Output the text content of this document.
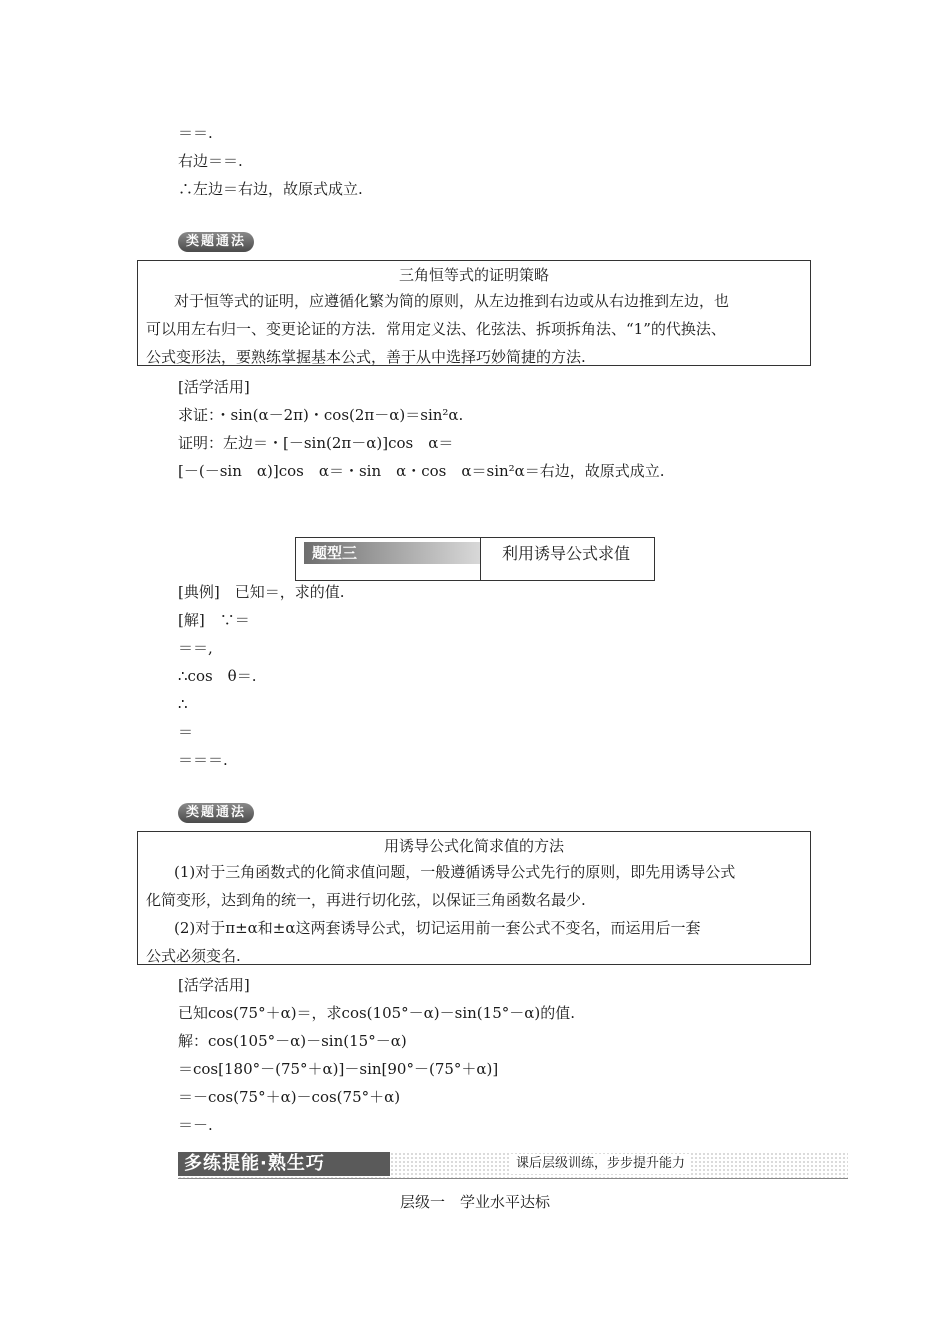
＝＝.
右边＝＝.
∴左边＝右边，故原式成立.
类题通法
三角恒等式的证明策略
对于恒等式的证明，应遵循化繁为简的原则，从左边推到右边或从右边推到左边，也
可以用左右归一、变更论证的方法．常用定义法、化弦法、拆项拆角法、“1”的代换法、
公式变形法，要熟练掌握基本公式，善于从中选择巧妙简捷的方法.
[活学活用]
求证：・sin(α－2π)・cos(2π－α)＝sin²α.
证明：左边＝・[－sin(2π－α)]cos　α＝
[－(－sin　α)]cos　α＝・sin　α・cos　α＝sin²α＝右边，故原式成立.
题型三	利用诱导公式求值
[典例]　已知＝，求的值.
[解]　∵＝
＝＝,
∴cos　θ＝.
∴
＝
＝＝＝.
类题通法
用诱导公式化简求值的方法
(1)对于三角函数式的化简求值问题，一般遵循诱导公式先行的原则，即先用诱导公式
化简变形，达到角的统一，再进行切化弦，以保证三角函数名最少.
(2)对于π±α和±α这两套诱导公式，切记运用前一套公式不变名，而运用后一套
公式必须变名.
[活学活用]
已知cos(75°＋α)＝，求cos(105°－α)－sin(15°－α)的值.
解：cos(105°－α)－sin(15°－α)
＝cos[180°－(75°＋α)]－sin[90°－(75°＋α)]
＝－cos(75°＋α)－cos(75°＋α)
＝－.
多练提能·熟生巧	课后层级训练，步步提升能力
层级一　学业水平达标
